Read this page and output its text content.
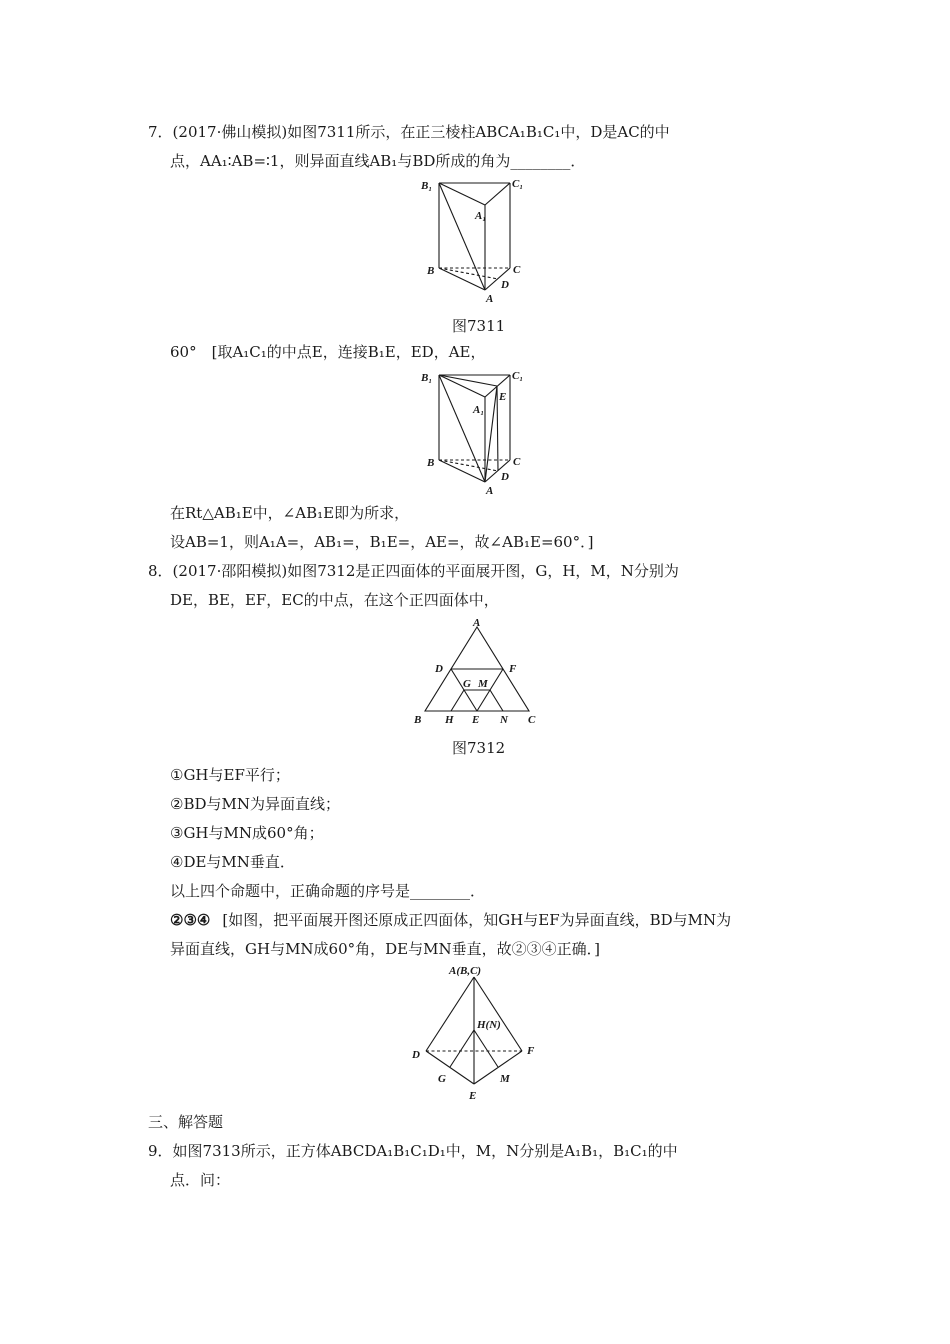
7．(2017·佛山模拟)如图7311所示，在正三棱柱ABCA₁B₁C₁中，D是AC的中
点，AA₁∶AB=∶1，则异面直线AB₁与BD所成的角为________．
B₁	C₁
A₁
B	C
A
D
图7311
60°　[取A₁C₁的中点E，连接B₁E，ED，AE，
B₁	C₁
A₁
E
B	C
A
D
在Rt△AB₁E中，∠AB₁E即为所求，
设AB=1，则A₁A=，AB₁=，B₁E=，AE=，故∠AB₁E=60°．]
8．(2017·邵阳模拟)如图7312是正四面体的平面展开图，G，H，M，N分别为
DE，BE，EF，EC的中点，在这个正四面体中，
A
D	F
G M
B H E N C
图7312
①GH与EF平行；
②BD与MN为异面直线；
③GH与MN成60°角；
④DE与MN垂直．
以上四个命题中，正确命题的序号是________．
②③④ [如图，把平面展开图还原成正四面体，知GH与EF为异面直线，BD与MN为
异面直线，GH与MN成60°角，DE与MN垂直，故②③④正确．]
A(B,C)
H(N)
D	F
G	M
E
三、解答题
9．如图7313所示，正方体ABCDA₁B₁C₁D₁中，M，N分别是A₁B₁，B₁C₁的中
点．问：
